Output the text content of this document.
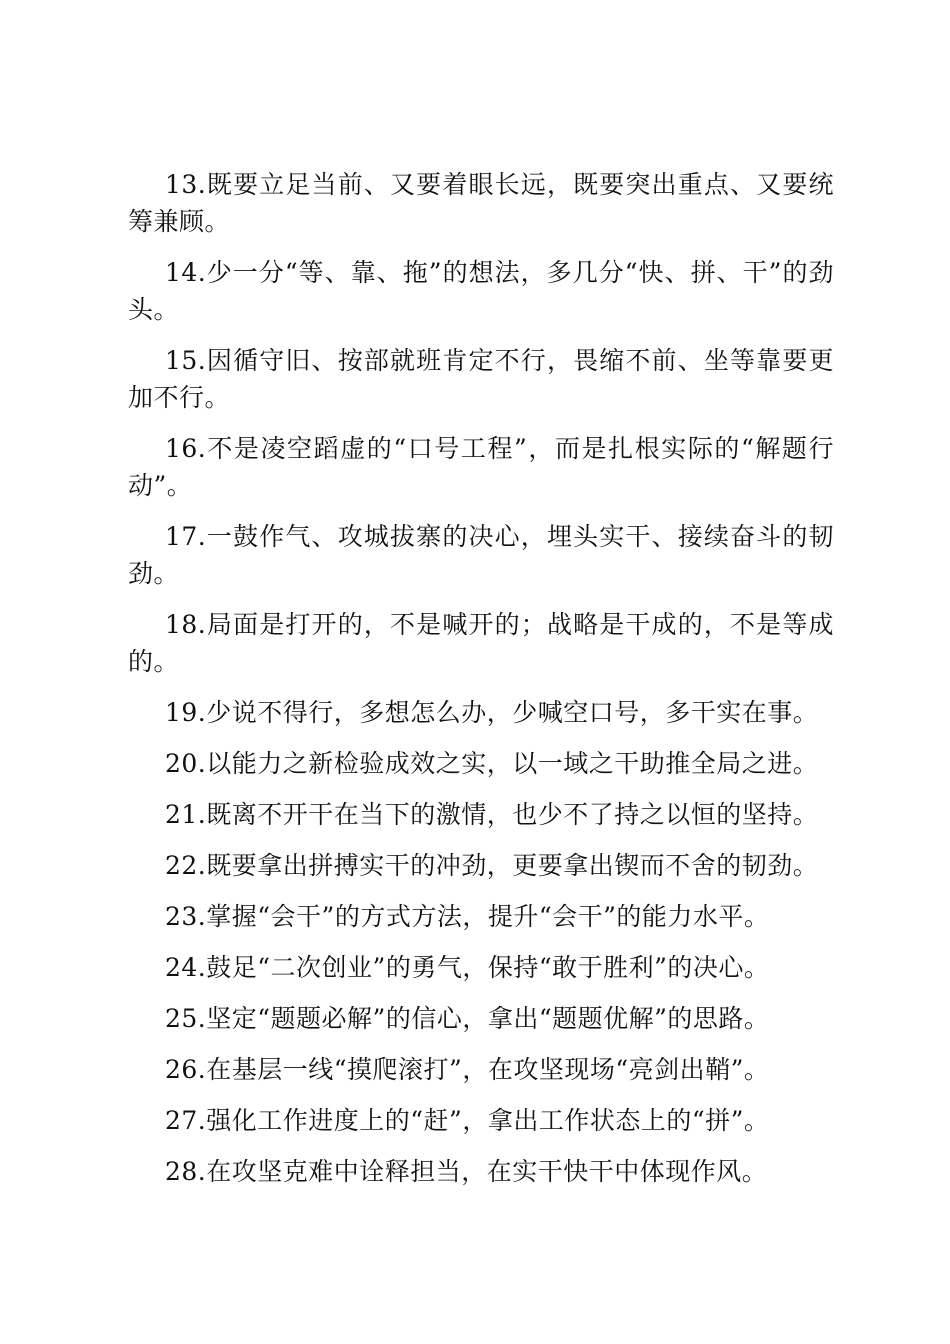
13.既要立足当前、又要着眼长远，既要突出重点、又要统筹兼顾。

14.少一分“等、靠、拖”的想法，多几分“快、拼、干”的劲头。

15.因循守旧、按部就班肯定不行，畏缩不前、坐等靠要更加不行。

16.不是凌空蹈虚的“口号工程”，而是扎根实际的“解题行动”。

17.一鼓作气、攻城拔寨的决心，埋头实干、接续奋斗的韧劲。

18.局面是打开的，不是喊开的；战略是干成的，不是等成的。

19.少说不得行，多想怎么办，少喊空口号，多干实在事。

20.以能力之新检验成效之实，以一域之干助推全局之进。

21.既离不开干在当下的激情，也少不了持之以恒的坚持。

22.既要拿出拼搏实干的冲劲，更要拿出锲而不舍的韧劲。

23.掌握“会干”的方式方法，提升“会干”的能力水平。

24.鼓足“二次创业”的勇气，保持“敢于胜利”的决心。

25.坚定“题题必解”的信心，拿出“题题优解”的思路。

26.在基层一线“摸爬滚打”，在攻坚现场“亮剑出鞘”。

27.强化工作进度上的“赶”，拿出工作状态上的“拼”。

28.在攻坚克难中诠释担当，在实干快干中体现作风。
